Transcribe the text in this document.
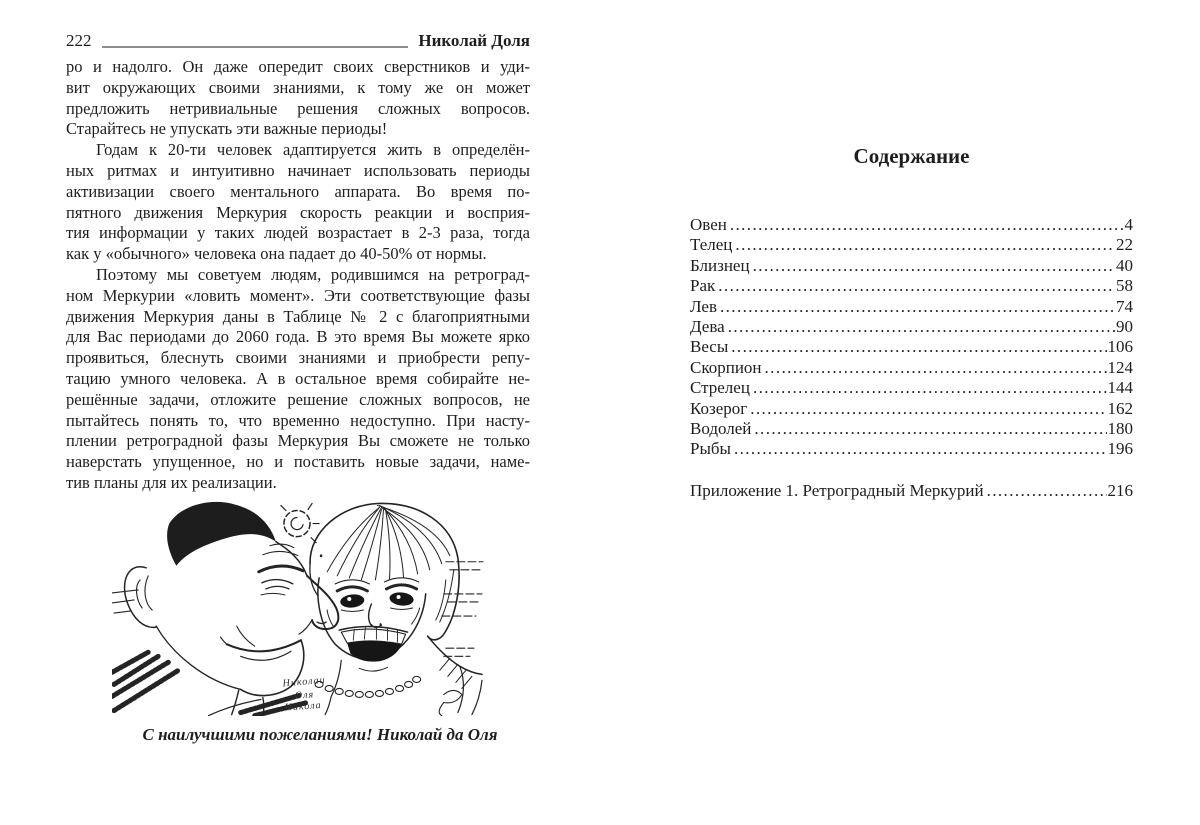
222	Николай Доля
ро и надолго. Он даже опередит своих сверстников и уди-
вит окружающих своими знаниями, к тому же он может
предложить нетривиальные решения сложных вопросов.
Старайтесь не упускать эти важные периоды!
Годам к 20-ти человек адаптируется жить в определён-
ных ритмах и интуитивно начинает использовать периоды
активизации своего ментального аппарата. Во время по-
пятного движения Меркурия скорость реакции и восприя-
тия информации у таких людей возрастает в 2-3 раза, тогда
как у «обычного» человека она падает до 40-50% от нормы.
Поэтому мы советуем людям, родившимся на ретроград-
ном Меркурии «ловить момент». Эти соответствующие фазы
движения Меркурия даны в Таблице № 2 с благоприятными
для Вас периодами до 2060 года. В это время Вы можете ярко
проявиться, блеснуть своими знаниями и приобрести репу-
тацию умного человека. А в остальное время собирайте не-
решённые задачи, отложите решение сложных вопросов, не
пытайтесь понять то, что временно недоступно. При насту-
плении ретроградной фазы Меркурия Вы сможете не только
наверстать упущенное, но и поставить новые задачи, наме-
тив планы для их реализации.
Николаи
Оля
Никола
С наилучшими пожеланиями! Николай да Оля
Содержание
Овен .....	4
Телец .....	22
Близнец .....	40
Рак .....	58
Лев .....	74
Дева .....	90
Весы .....	106
Скорпион .....	124
Стрелец .....	144
Козерог .....	162
Водолей .....	180
Рыбы .....	196
Приложение 1. Ретроградный Меркурий .....	216
